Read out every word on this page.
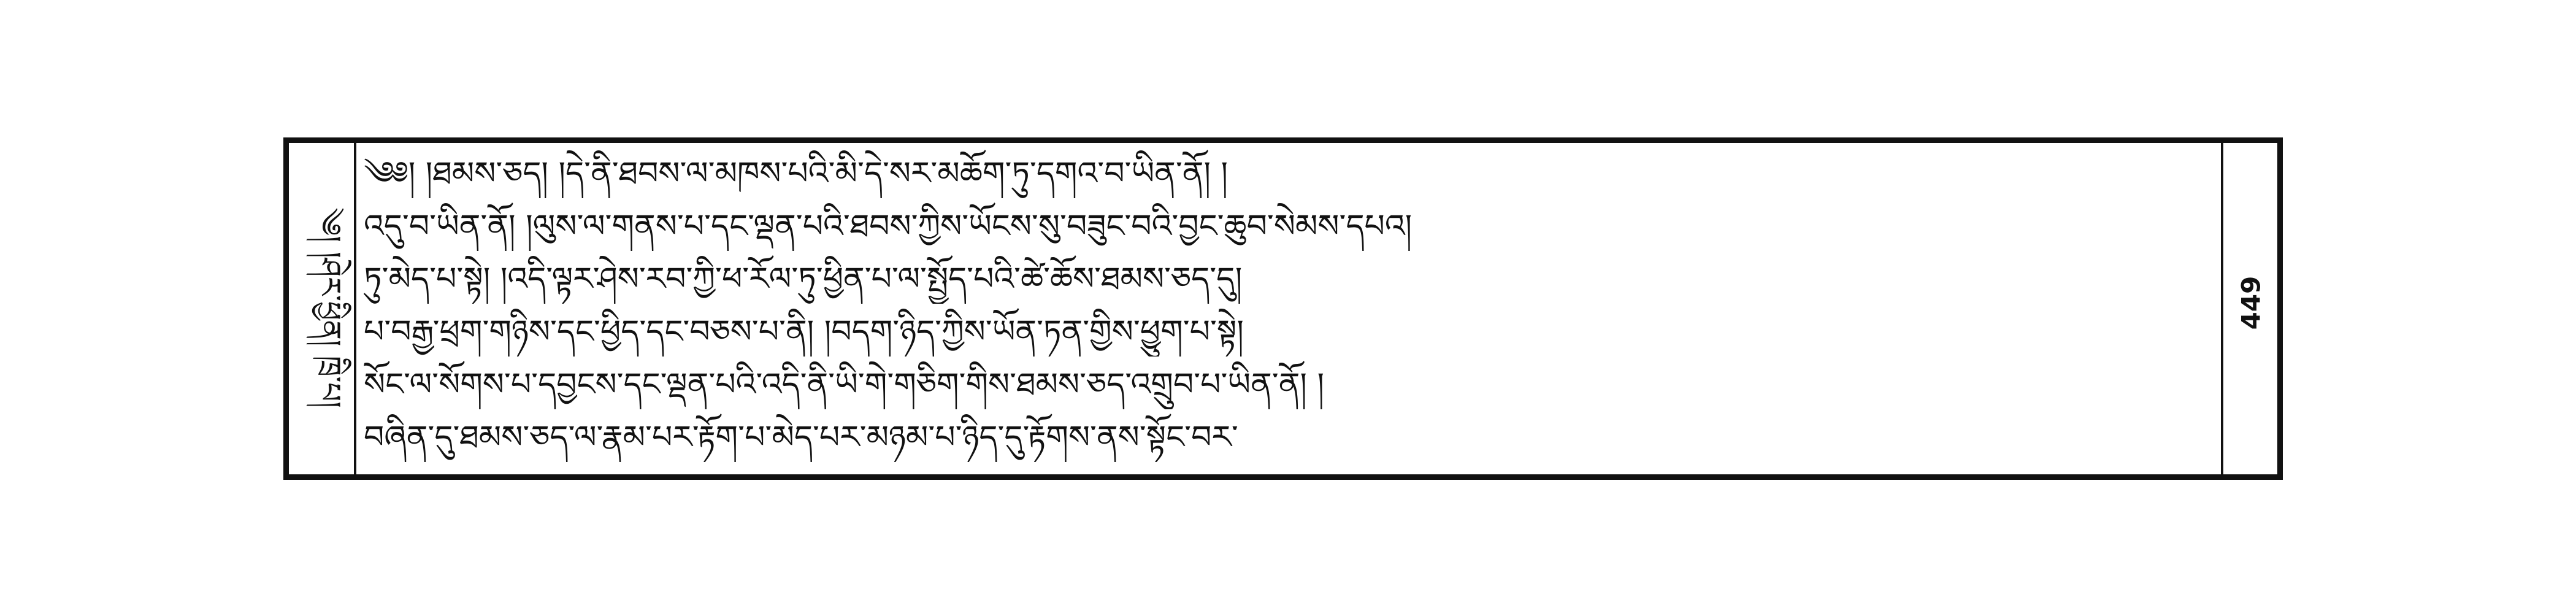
༄། །ཤེར་ཕྱིན། ཁྲི་པ།
༄༅། །ཐམས་ཅད། །དེ་ནི་ཐབས་ལ་མཁས་པའི་མི་དེ་སར་མཆོག་ཏུ་དགའ་བ་ཡིན་ནོ། །
འདུ་བ་ཡིན་ནོ། །ལུས་ལ་གནས་པ་དང་ལྡན་པའི་ཐབས་ཀྱིས་ཡོངས་སུ་བཟུང་བའི་བྱང་ཆུབ་སེམས་དཔའ།
ཏུ་མེད་པ་སྟེ། །འདི་ལྟར་ཤེས་རབ་ཀྱི་ཕ་རོལ་ཏུ་ཕྱིན་པ་ལ་སྤྱོད་པའི་ཚེ་ཆོས་ཐམས་ཅད་དུ།
པ་བརྒྱ་ཕྲག་གཉིས་དང་ཕྱིད་དང་བཅས་པ་ནི། །བདག་ཉིད་ཀྱིས་ཡོན་ཏན་གྱིས་ཕྱུག་པ་སྟེ།
སོང་ལ་སོགས་པ་དབྱངས་དང་ལྡན་པའི་འདི་ནི་ཡི་གེ་གཅིག་གིས་ཐམས་ཅད་འགྲུབ་པ་ཡིན་ནོ། །
བཞིན་དུ་ཐམས་ཅད་ལ་རྣམ་པར་རྟོག་པ་མེད་པར་མཉམ་པ་ཉིད་དུ་རྟོགས་ནས་སྟོང་བར་
449
